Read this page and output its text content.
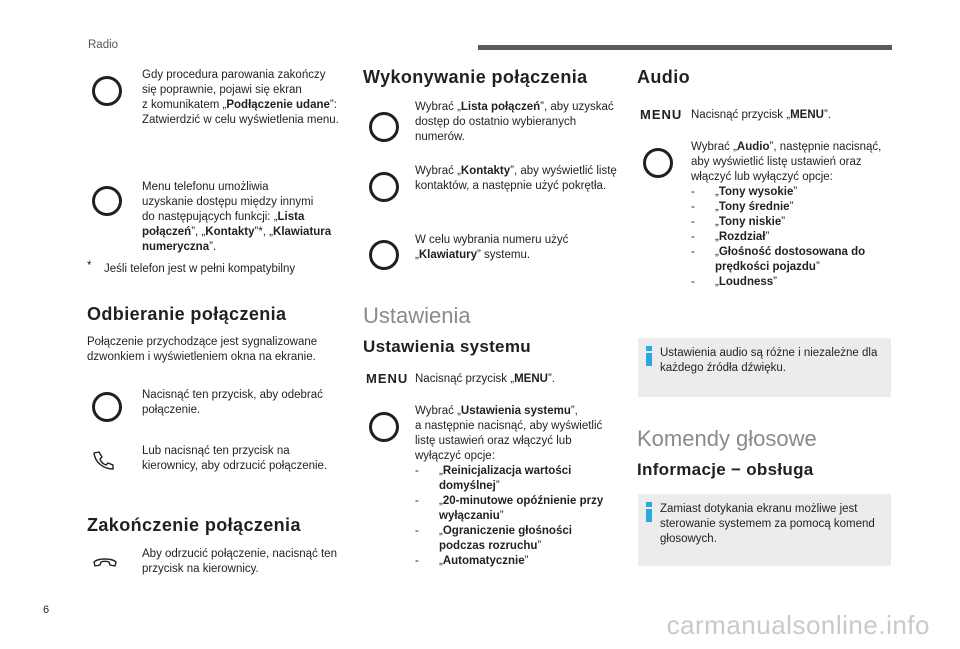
Radio
Gdy procedura parowania zakończy
się poprawnie, pojawi się ekran
z komunikatem „Podłączenie udane”:
Zatwierdzić w celu wyświetlenia menu.
Menu telefonu umożliwia
uzyskanie dostępu między innymi
do następujących funkcji: „Lista
połączeń”, „Kontakty”*, „Klawiatura
numeryczna”.
* Jeśli telefon jest w pełni kompatybilny
Odbieranie połączenia
Połączenie przychodzące jest sygnalizowane
dzwonkiem i wyświetleniem okna na ekranie.
Nacisnąć ten przycisk, aby odebrać
połączenie.
Lub nacisnąć ten przycisk na
kierownicy, aby odrzucić połączenie.
Zakończenie połączenia
Aby odrzucić połączenie, nacisnąć ten
przycisk na kierownicy.
Wykonywanie połączenia
Wybrać „Lista połączeń”, aby uzyskać
dostęp do ostatnio wybieranych
numerów.
Wybrać „Kontakty”, aby wyświetlić listę
kontaktów, a następnie użyć pokrętła.
W celu wybrania numeru użyć
„Klawiatury” systemu.
Ustawienia
Ustawienia systemu
MENU Nacisnąć przycisk „MENU”.
Wybrać „Ustawienia systemu”,
a następnie nacisnąć, aby wyświetlić
listę ustawień oraz włączyć lub
wyłączyć opcje:
- „Reinicjalizacja wartości
domyślnej”
- „20-minutowe opóźnienie przy
wyłączaniu”
- „Ograniczenie głośności
podczas rozruchu”
- „Automatycznie”
Audio
MENU Nacisnąć przycisk „MENU”.
Wybrać „Audio”, następnie nacisnąć,
aby wyświetlić listę ustawień oraz
włączyć lub wyłączyć opcje:
- „Tony wysokie”
- „Tony średnie”
- „Tony niskie”
- „Rozdział”
- „Głośność dostosowana do
prędkości pojazdu”
- „Loudness”
Ustawienia audio są różne i niezależne dla
każdego źródła dźwięku.
Komendy głosowe
Informacje − obsługa
Zamiast dotykania ekranu możliwe jest
sterowanie systemem za pomocą komend
głosowych.
6	carmanualsonline.info
